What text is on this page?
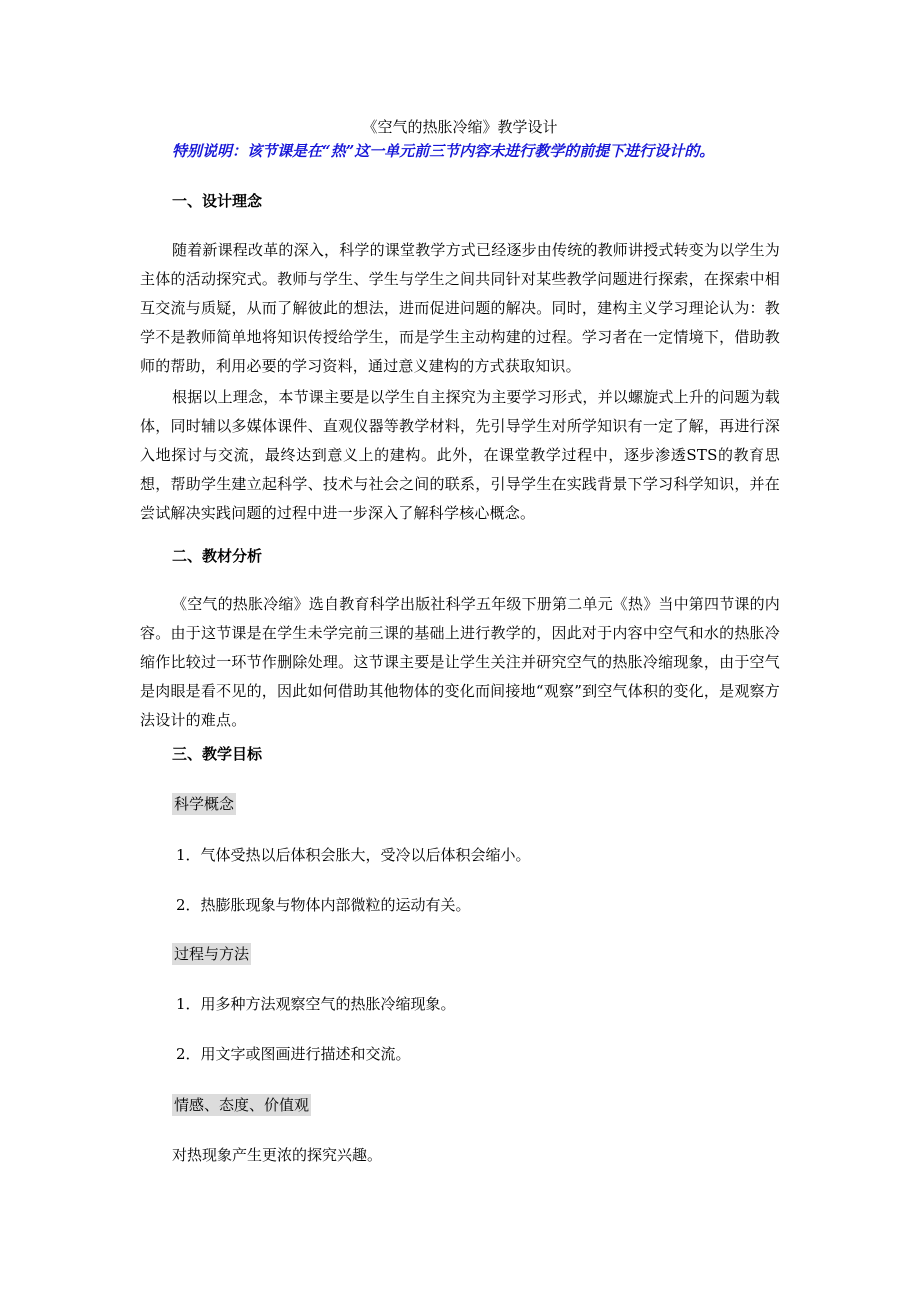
《空气的热胀冷缩》教学设计
特别说明：该节课是在“热”这一单元前三节内容未进行教学的前提下进行设计的。
一、设计理念
随着新课程改革的深入，科学的课堂教学方式已经逐步由传统的教师讲授式转变为以学生为主体的活动探究式。教师与学生、学生与学生之间共同针对某些教学问题进行探索，在探索中相互交流与质疑，从而了解彼此的想法，进而促进问题的解决。同时，建构主义学习理论认为：教学不是教师简单地将知识传授给学生，而是学生主动构建的过程。学习者在一定情境下，借助教师的帮助，利用必要的学习资料，通过意义建构的方式获取知识。
根据以上理念，本节课主要是以学生自主探究为主要学习形式，并以螺旋式上升的问题为载体，同时辅以多媒体课件、直观仪器等教学材料，先引导学生对所学知识有一定了解，再进行深入地探讨与交流，最终达到意义上的建构。此外，在课堂教学过程中，逐步渗透STS的教育思想，帮助学生建立起科学、技术与社会之间的联系，引导学生在实践背景下学习科学知识，并在尝试解决实践问题的过程中进一步深入了解科学核心概念。
二、教材分析
《空气的热胀冷缩》选自教育科学出版社科学五年级下册第二单元《热》当中第四节课的内容。由于这节课是在学生未学完前三课的基础上进行教学的，因此对于内容中空气和水的热胀冷缩作比较过一环节作删除处理。这节课主要是让学生关注并研究空气的热胀冷缩现象，由于空气是肉眼是看不见的，因此如何借助其他物体的变化而间接地“观察”到空气体积的变化，是观察方法设计的难点。
三、教学目标
科学概念
1．气体受热以后体积会胀大，受冷以后体积会缩小。
2．热膨胀现象与物体内部微粒的运动有关。
过程与方法
1．用多种方法观察空气的热胀冷缩现象。
2．用文字或图画进行描述和交流。
情感、态度、价值观
对热现象产生更浓的探究兴趣。
